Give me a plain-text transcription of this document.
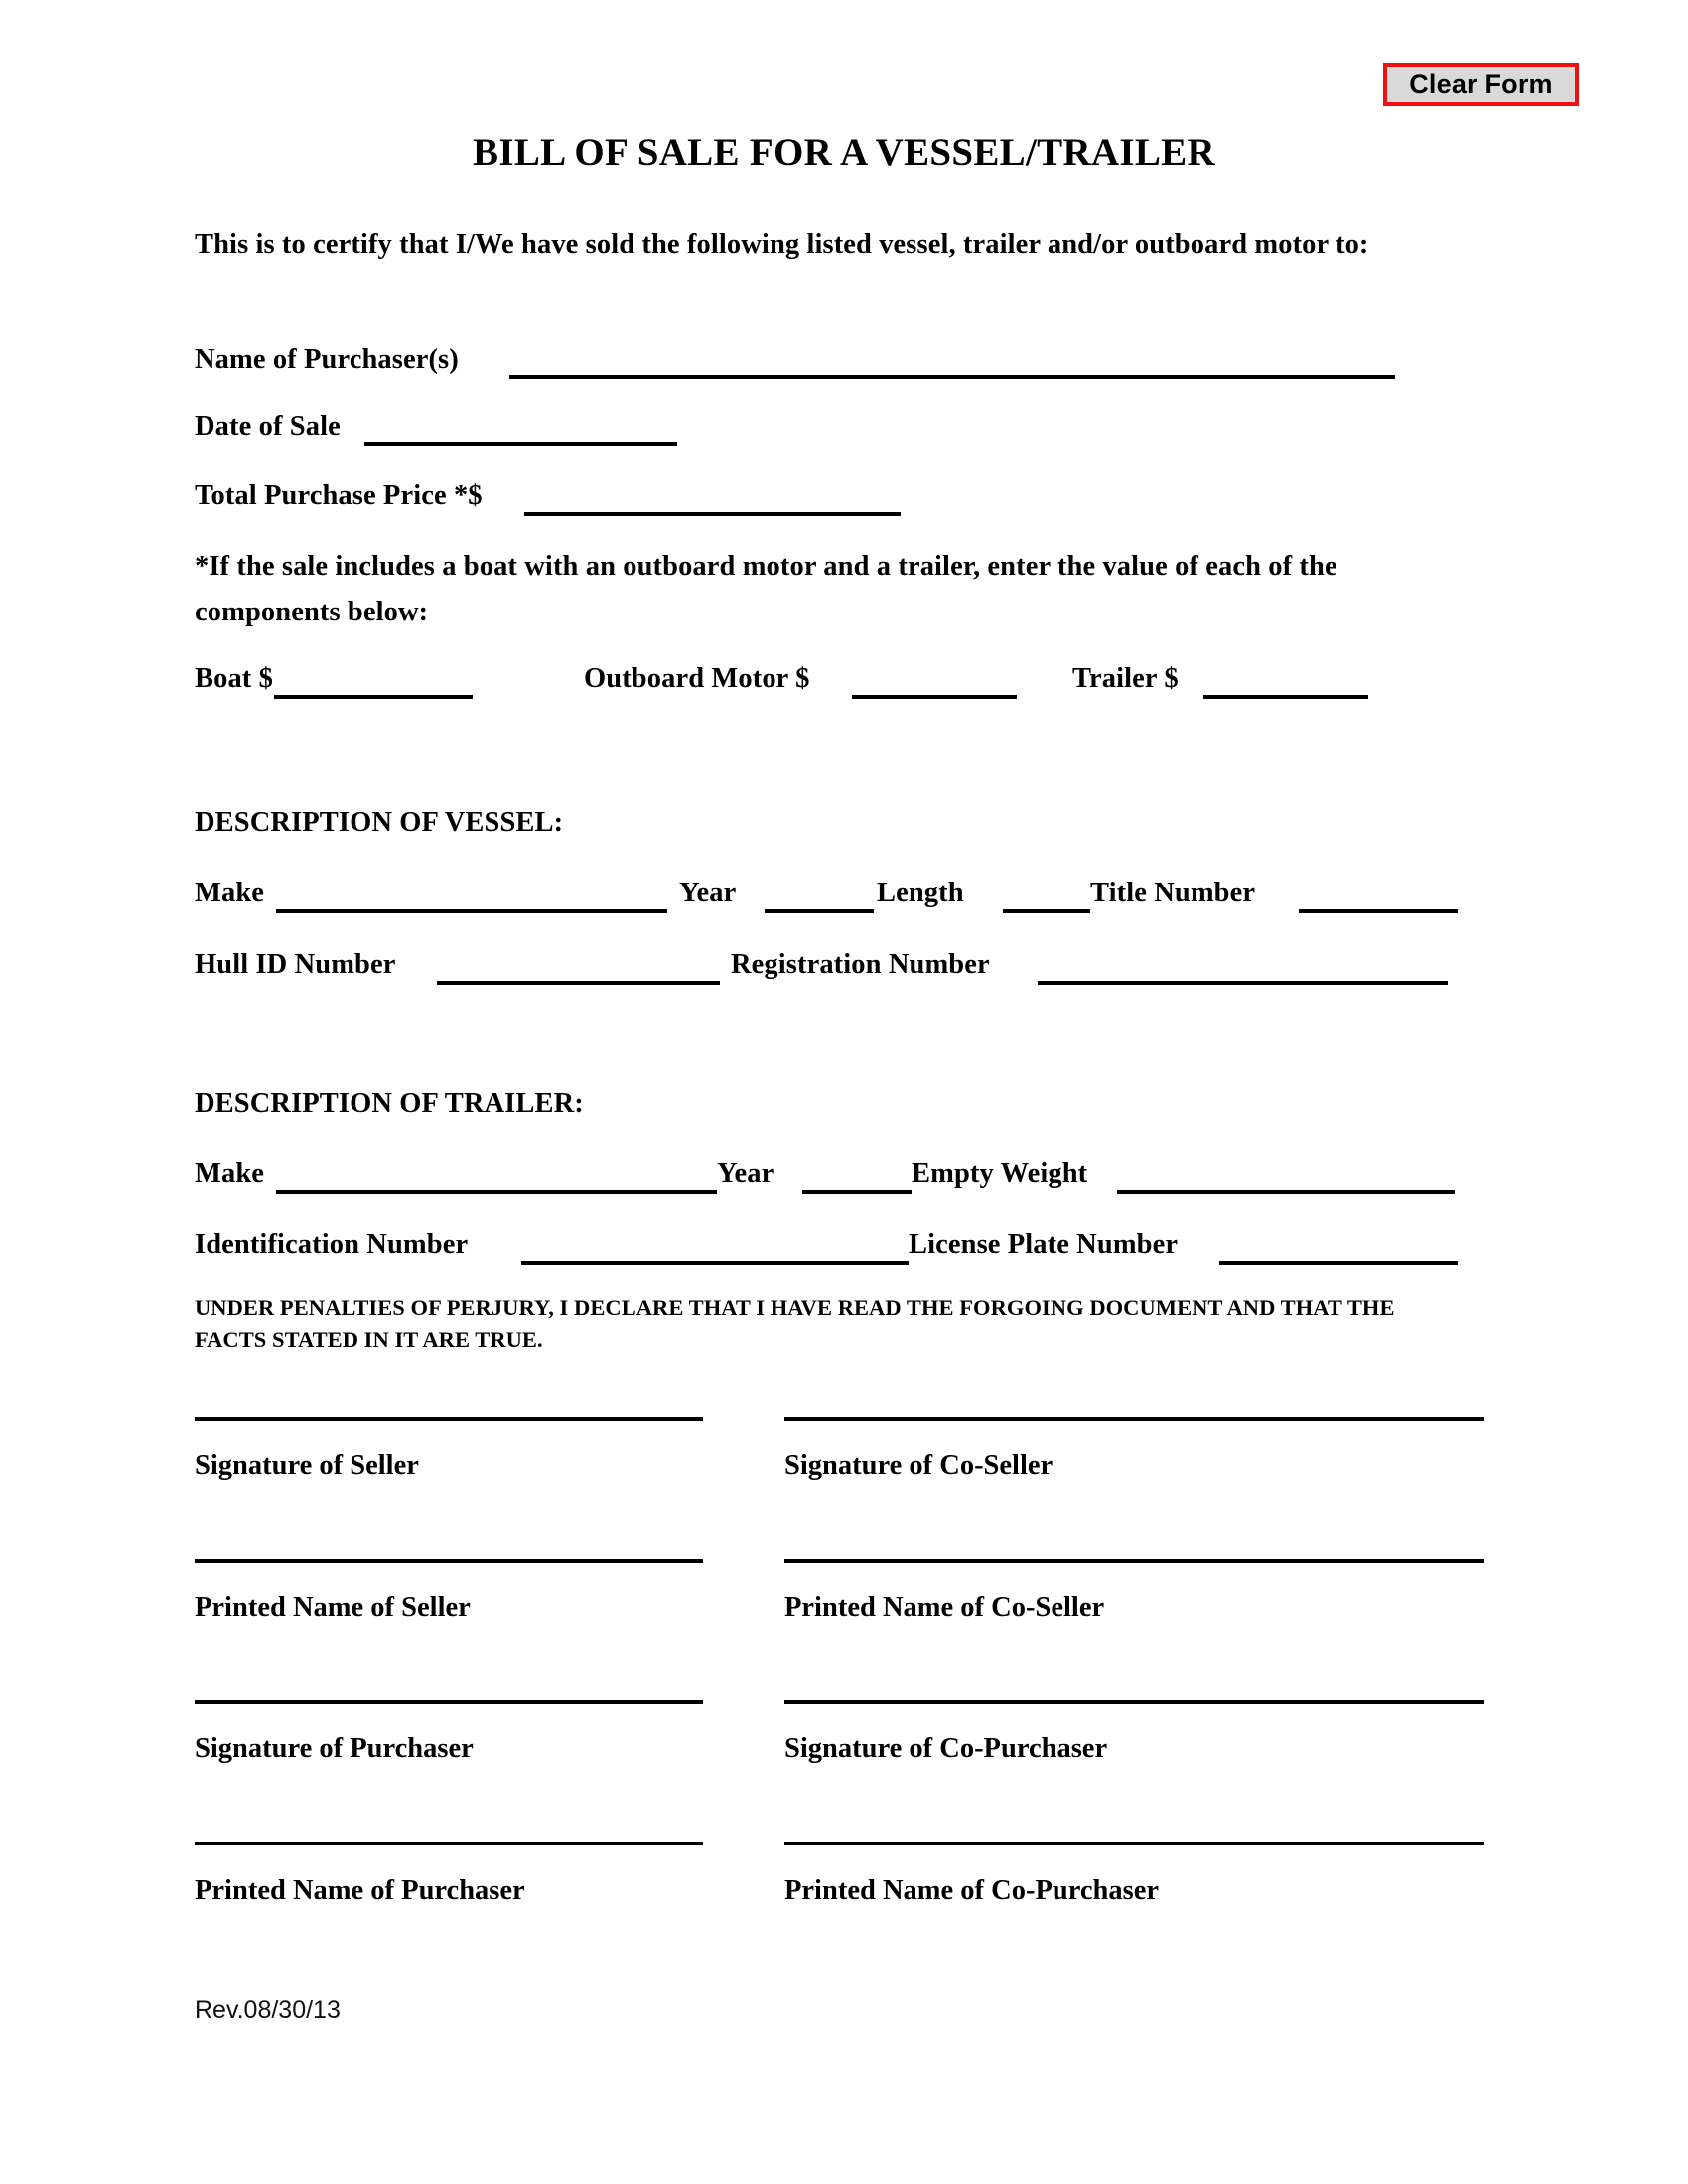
Clear Form
BILL OF SALE FOR A VESSEL/TRAILER
This is to certify that I/We have sold the following listed vessel, trailer and/or outboard motor to:
Name of Purchaser(s)
Date of Sale
Total Purchase Price *$
*If the sale includes a boat with an outboard motor and a trailer, enter the value of each of the components below:
Boat $	Outboard Motor $	Trailer $
DESCRIPTION OF VESSEL:
Make	Year	Length	Title Number
Hull ID Number	Registration Number
DESCRIPTION OF TRAILER:
Make	Year	Empty Weight
Identification Number	License Plate Number
UNDER PENALTIES OF PERJURY, I DECLARE THAT I HAVE READ THE FORGOING DOCUMENT AND THAT THE FACTS STATED IN IT ARE TRUE.
Signature of Seller	Signature of Co-Seller
Printed Name of Seller	Printed Name of Co-Seller
Signature of Purchaser	Signature of Co-Purchaser
Printed Name of Purchaser	Printed Name of Co-Purchaser
Rev.08/30/13
